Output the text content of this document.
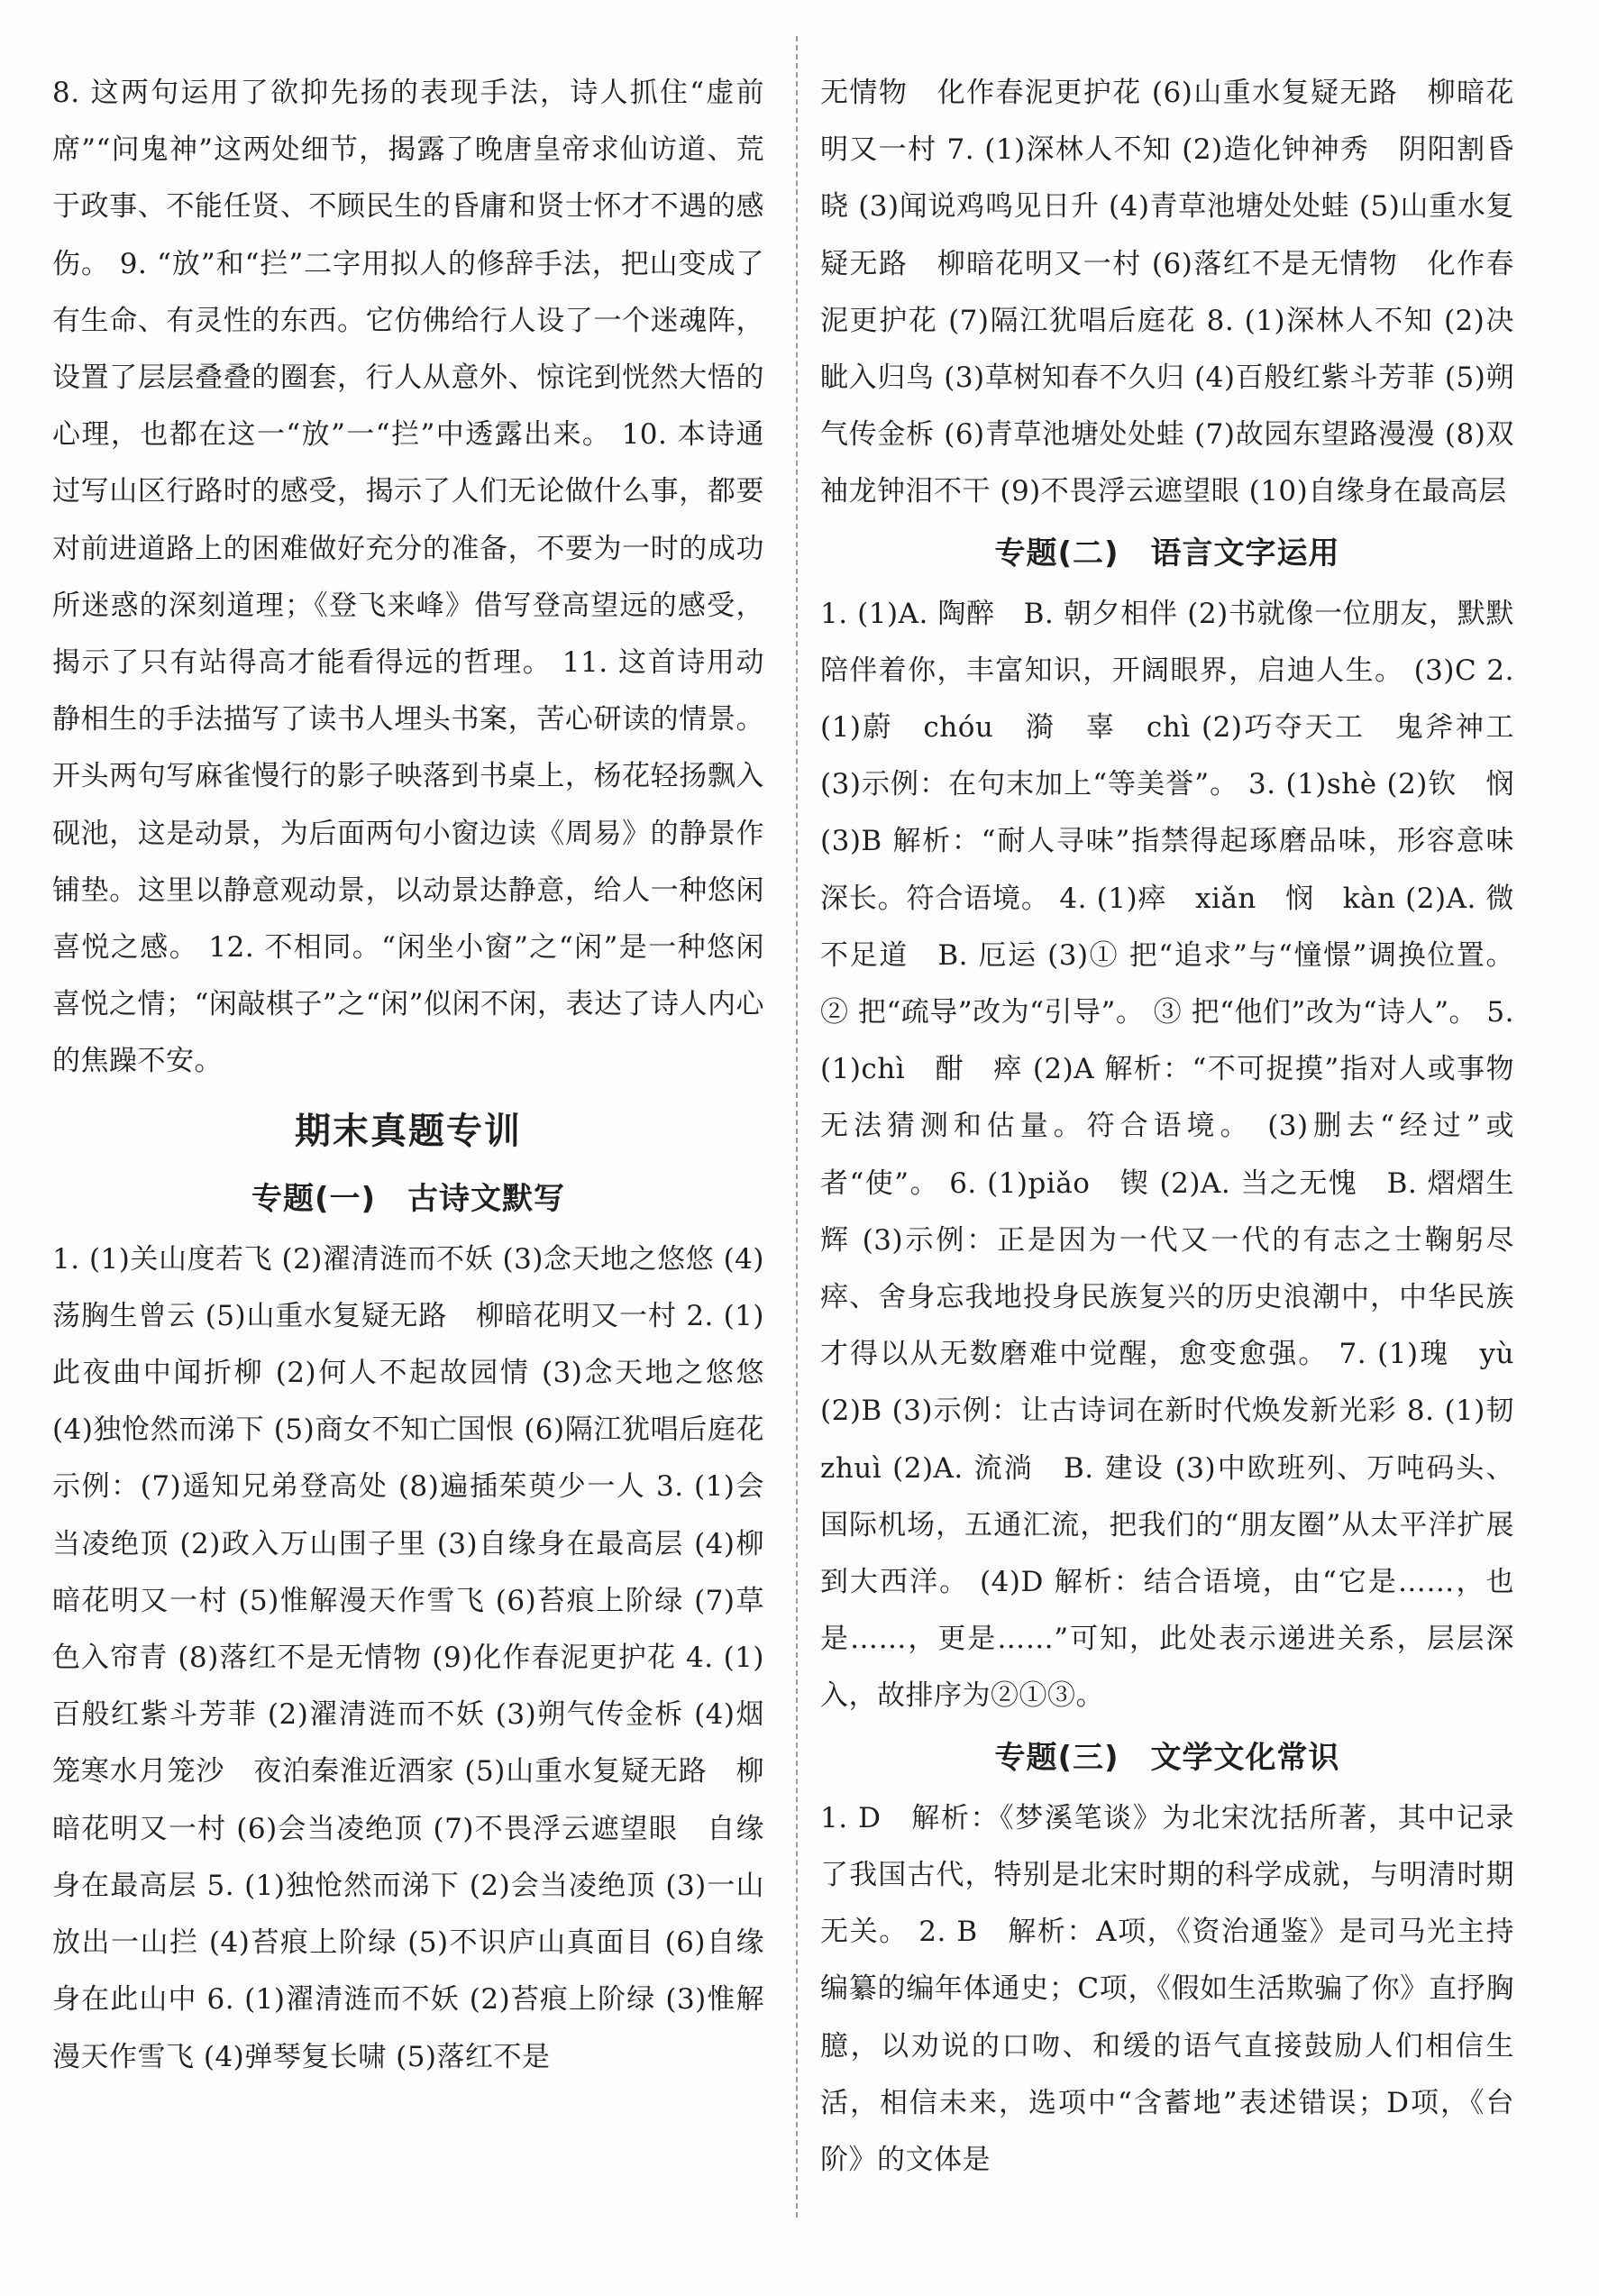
8. 这两句运用了欲抑先扬的表现手法，诗人抓住“虚前席”“问鬼神”这两处细节，揭露了晚唐皇帝求仙访道、荒于政事、不能任贤、不顾民生的昏庸和贤士怀才不遇的感伤。 9. “放”和“拦”二字用拟人的修辞手法，把山变成了有生命、有灵性的东西。它仿佛给行人设了一个迷魂阵，设置了层层叠叠的圈套，行人从意外、惊诧到恍然大悟的心理，也都在这一“放”一“拦”中透露出来。 10. 本诗通过写山区行路时的感受，揭示了人们无论做什么事，都要对前进道路上的困难做好充分的准备，不要为一时的成功所迷惑的深刻道理；《登飞来峰》借写登高望远的感受，揭示了只有站得高才能看得远的哲理。 11. 这首诗用动静相生的手法描写了读书人埋头书案，苦心研读的情景。开头两句写麻雀慢行的影子映落到书桌上，杨花轻扬飘入砚池，这是动景，为后面两句小窗边读《周易》的静景作铺垫。这里以静意观动景，以动景达静意，给人一种悠闲喜悦之感。 12. 不相同。“闲坐小窗”之“闲”是一种悠闲喜悦之情；“闲敲棋子”之“闲”似闲不闲，表达了诗人内心的焦躁不安。

期末真题专训
专题(一)　古诗文默写

1. (1)关山度若飞 (2)濯清涟而不妖 (3)念天地之悠悠 (4)荡胸生曾云 (5)山重水复疑无路　柳暗花明又一村 2. (1)此夜曲中闻折柳 (2)何人不起故园情 (3)念天地之悠悠 (4)独怆然而涕下 (5)商女不知亡国恨 (6)隔江犹唱后庭花　示例：(7)遥知兄弟登高处 (8)遍插茱萸少一人 3. (1)会当凌绝顶 (2)政入万山围子里 (3)自缘身在最高层 (4)柳暗花明又一村 (5)惟解漫天作雪飞 (6)苔痕上阶绿 (7)草色入帘青 (8)落红不是无情物 (9)化作春泥更护花 4. (1)百般红紫斗芳菲 (2)濯清涟而不妖 (3)朔气传金柝 (4)烟笼寒水月笼沙　夜泊秦淮近酒家 (5)山重水复疑无路　柳暗花明又一村 (6)会当凌绝顶 (7)不畏浮云遮望眼　自缘身在最高层 5. (1)独怆然而涕下 (2)会当凌绝顶 (3)一山放出一山拦 (4)苔痕上阶绿 (5)不识庐山真面目 (6)自缘身在此山中 6. (1)濯清涟而不妖 (2)苔痕上阶绿 (3)惟解漫天作雪飞 (4)弹琴复长啸 (5)落红不是

无情物　化作春泥更护花 (6)山重水复疑无路　柳暗花明又一村 7. (1)深林人不知 (2)造化钟神秀　阴阳割昏晓 (3)闻说鸡鸣见日升 (4)青草池塘处处蛙 (5)山重水复疑无路　柳暗花明又一村 (6)落红不是无情物　化作春泥更护花 (7)隔江犹唱后庭花 8. (1)深林人不知 (2)决眦入归鸟 (3)草树知春不久归 (4)百般红紫斗芳菲 (5)朔气传金柝 (6)青草池塘处处蛙 (7)故园东望路漫漫 (8)双袖龙钟泪不干 (9)不畏浮云遮望眼 (10)自缘身在最高层

专题(二)　语言文字运用

1. (1)A. 陶醉　B. 朝夕相伴 (2)书就像一位朋友，默默陪伴着你，丰富知识，开阔眼界，启迪人生。 (3)C 2. (1)蔚　chóu　漪　辜　chì (2)巧夺天工　鬼斧神工 (3)示例：在句末加上“等美誉”。 3. (1)shè (2)钦　悯 (3)B 解析：“耐人寻味”指禁得起琢磨品味，形容意味深长。符合语境。 4. (1)瘁　xiǎn　悯　kàn (2)A. 微不足道　B. 厄运 (3)① 把“追求”与“憧憬”调换位置。 ② 把“疏导”改为“引导”。 ③ 把“他们”改为“诗人”。 5. (1)chì　酣　瘁 (2)A 解析：“不可捉摸”指对人或事物无法猜测和估量。符合语境。 (3)删去“经过”或者“使”。 6. (1)piǎo　锲 (2)A. 当之无愧　B. 熠熠生辉 (3)示例：正是因为一代又一代的有志之士鞠躬尽瘁、舍身忘我地投身民族复兴的历史浪潮中，中华民族才得以从无数磨难中觉醒，愈变愈强。 7. (1)瑰　yù (2)B (3)示例：让古诗词在新时代焕发新光彩 8. (1)韧　zhuì (2)A. 流淌　B. 建设 (3)中欧班列、万吨码头、国际机场，五通汇流，把我们的“朋友圈”从太平洋扩展到大西洋。 (4)D 解析：结合语境，由“它是……，也是……，更是……”可知，此处表示递进关系，层层深入，故排序为②①③。

专题(三)　文学文化常识

1. D　解析：《梦溪笔谈》为北宋沈括所著，其中记录了我国古代，特别是北宋时期的科学成就，与明清时期无关。 2. B　解析：A项，《资治通鉴》是司马光主持编纂的编年体通史；C项，《假如生活欺骗了你》直抒胸臆，以劝说的口吻、和缓的语气直接鼓励人们相信生活，相信未来，选项中“含蓄地”表述错误；D项，《台阶》的文体是
